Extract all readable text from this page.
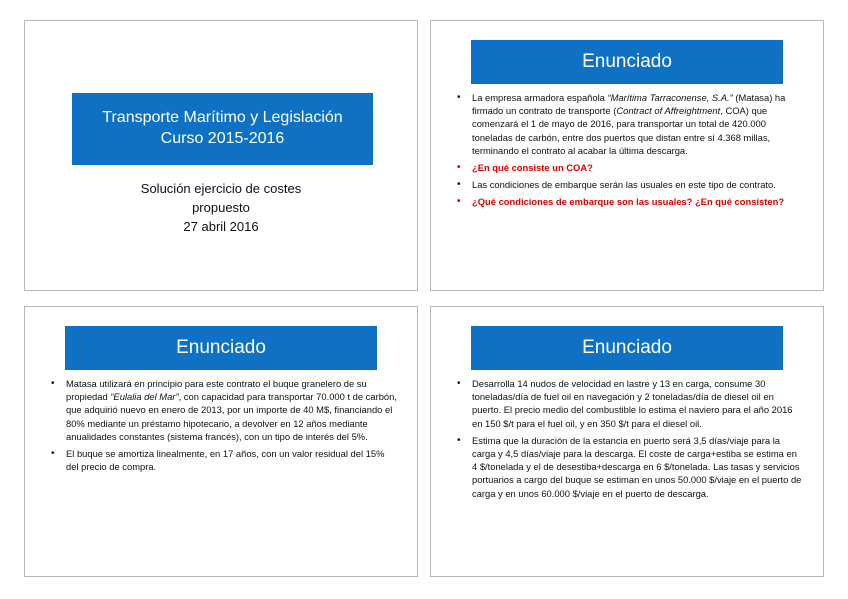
Transporte Marítimo y Legislación
Curso 2015-2016
Solución ejercicio de costes
propuesto
27 abril 2016
Enunciado
• La empresa armadora española “Marítima Tarraconense, S.A.” (Matasa) ha firmado un contrato de transporte (Contract of Affreightment, COA) que comenzará el 1 de mayo de 2016, para transportar un total de 420.000 toneladas de carbón, entre dos puertos que distan entre sí 4.368 millas, terminando el contrato al acabar la última descarga.
• ¿En qué consiste un COA?
• Las condiciones de embarque serán las usuales en este tipo de contrato.
• ¿Qué condiciones de embarque son las usuales? ¿En qué consisten?
Enunciado
• Matasa utilizará en principio para este contrato el buque granelero de su propiedad “Eulalia del Mar”, con capacidad para transportar 70.000 t de carbón, que adquirió nuevo en enero de 2013, por un importe de 40 M$, financiando el 80% mediante un préstamo hipotecario, a devolver en 12 años mediante anualidades constantes (sistema francés), con un tipo de interés del 5%.
• El buque se amortiza linealmente, en 17 años, con un valor residual del 15% del precio de compra.
Enunciado
• Desarrolla 14 nudos de velocidad en lastre y 13 en carga, consume 30 toneladas/día de fuel oil en navegación y 2 toneladas/día de diesel oil en puerto. El precio medio del combustible lo estima el naviero para el año 2016 en 150 $/t para el fuel oil, y en 350 $/t para el diesel oil.
• Estima que la duración de la estancia en puerto será 3,5 días/viaje para la carga y 4,5 días/viaje para la descarga. El coste de carga+estiba se estima en 4 $/tonelada y el de desestiba+descarga en 6 $/tonelada. Las tasas y servicios portuarios a cargo del buque se estiman en unos 50.000 $/viaje en el puerto de carga y en unos 60.000 $/viaje en el puerto de descarga.
